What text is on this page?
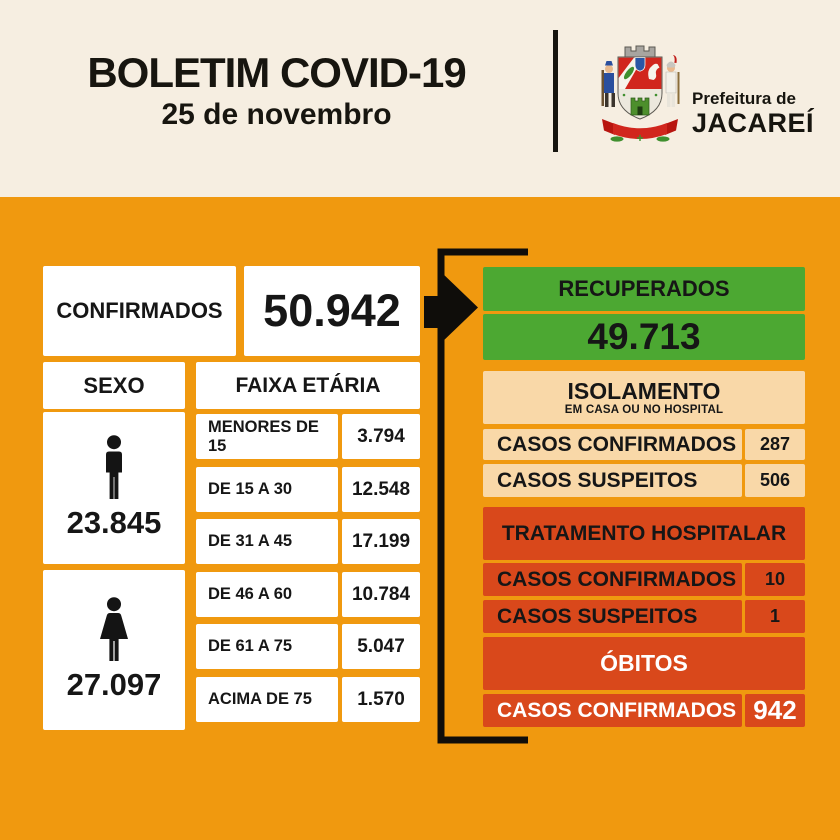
BOLETIM COVID-19
25 de novembro	Prefeitura de
JACAREÍ
CONFIRMADOS 50.942
SEXO	FAIXA ETÁRIA
23.845
27.097
MENORES DE 15	3.794
DE 15 A 30	12.548
DE 31 A 45	17.199
DE 46 A 60	10.784
DE 61 A 75	5.047
ACIMA DE 75 1.570
RECUPERADOS
49.713
ISOLAMENTO
EM CASA OU NO HOSPITAL
CASOS CONFIRMADOS 287
CASOS SUSPEITOS	506
TRATAMENTO HOSPITALAR
CASOS CONFIRMADOS 10
CASOS SUSPEITOS	1
ÓBITOS
CASOS CONFIRMADOS 942
